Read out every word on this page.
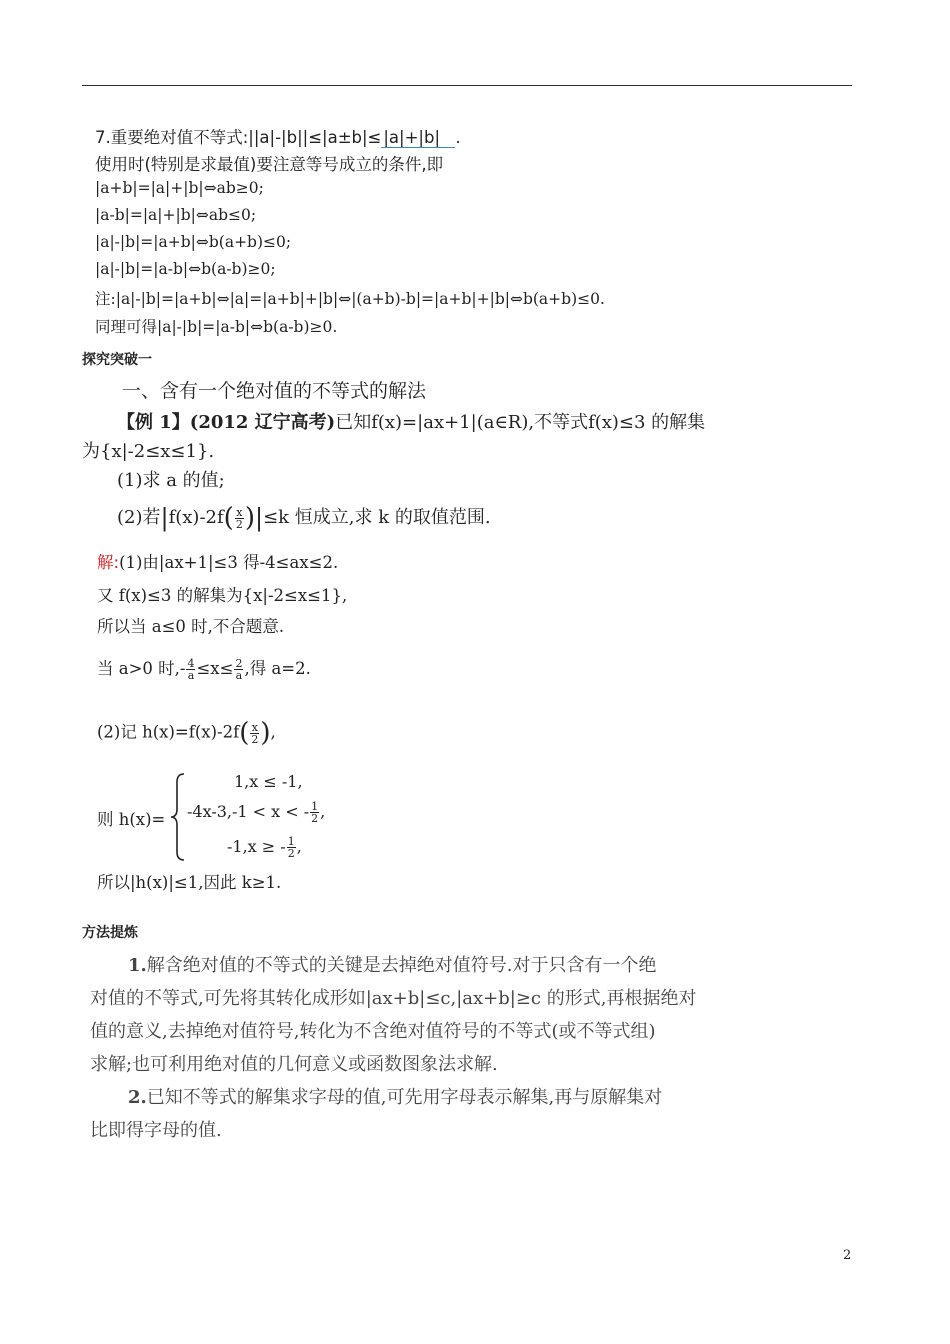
7.重要绝对值不等式:||a|-|b||≤|a±b|≤ |a|+|b| .
使用时(特别是求最值)要注意等号成立的条件,即
|a+b|=|a|+|b|⇔ab≥0;
|a-b|=|a|+|b|⇔ab≤0;
|a|-|b|=|a+b|⇔b(a+b)≤0;
|a|-|b|=|a-b|⇔b(a-b)≥0;
注:|a|-|b|=|a+b|⇔|a|=|a+b|+|b|⇔|(a+b)-b|=|a+b|+|b|⇔b(a+b)≤0.
同理可得|a|-|b|=|a-b|⇔b(a-b)≥0.
探究突破一
一、含有一个绝对值的不等式的解法
【例 1】(2012 辽宁高考)已知f(x)=|ax+1|(a∈R),不等式f(x)≤3 的解集
为{x|-2≤x≤1}.
(1)求 a 的值;
(2)若$|f(x)-2f( \frac{x}{2} )|\le k$ 恒成立,求 k 的取值范围.
解:(1)由|ax+1|≤3 得-4≤ax≤2.
又 f(x)≤3 的解集为{x|-2≤x≤1},
所以当 a≤0 时,不合题意.
当 a>0 时,- $\frac{4}{a} \le x\le \frac{2}{a}$ ,得 a=2.
(2)记 $h(x)=f(x)-2f( \frac{x}{2}$ ),
则 h(x)=
1,x ≤ -1,
-4x-3,-1 < x < - $\frac{1}{2}$ ,
-1,x ≥ - $\frac{1}{2}$ ,
所以|h(x)|≤1,因此 k≥1.
方法提炼
1.解含绝对值的不等式的关键是去掉绝对值符号.对于只含有一个绝
对值的不等式,可先将其转化成形如|ax+b|≤c,|ax+b|≥c 的形式,再根据绝对
值的意义,去掉绝对值符号,转化为不含绝对值符号的不等式(或不等式组)
求解;也可利用绝对值的几何意义或函数图象法求解.
2.已知不等式的解集求字母的值,可先用字母表示解集,再与原解集对
比即得字母的值.
2
